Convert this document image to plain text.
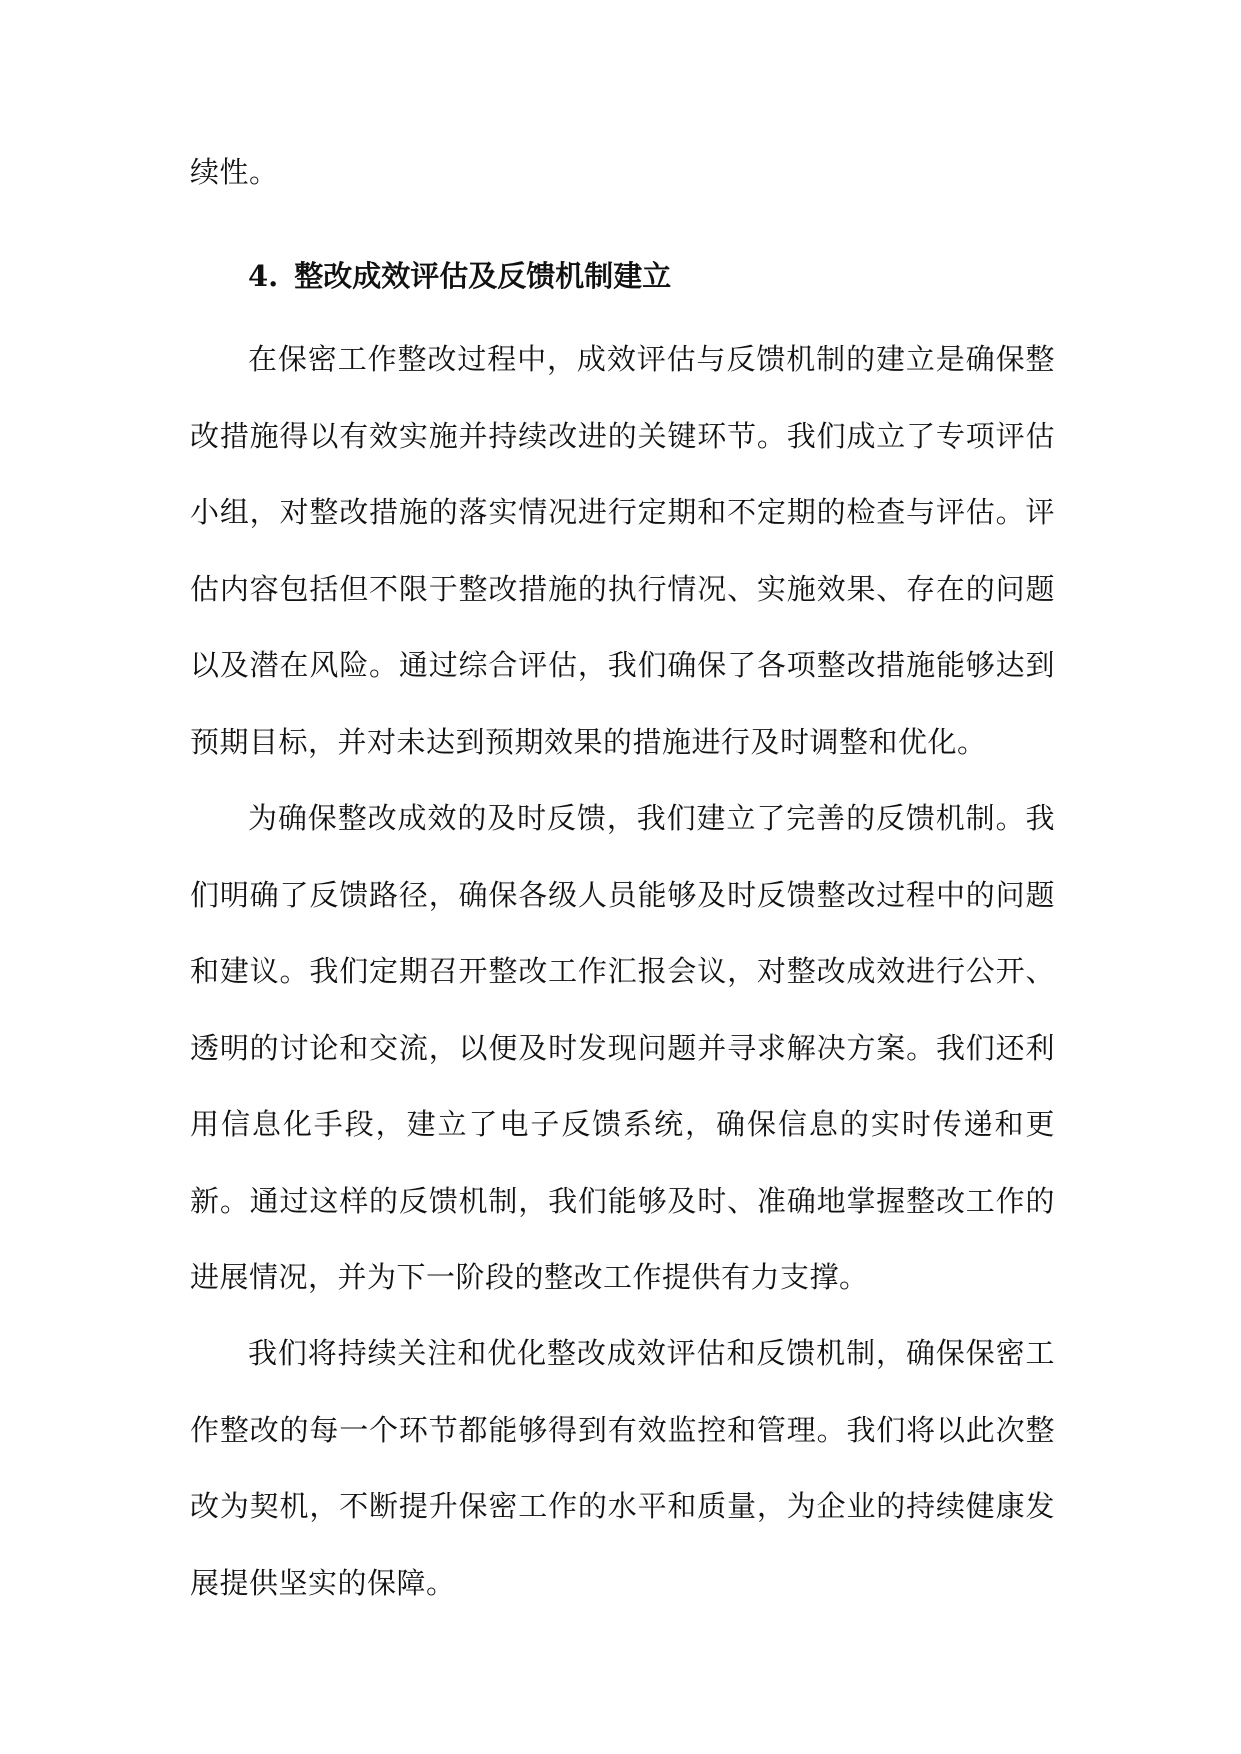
续性。

4. 整改成效评估及反馈机制建立

在保密工作整改过程中，成效评估与反馈机制的建立是确保整改措施得以有效实施并持续改进的关键环节。我们成立了专项评估小组，对整改措施的落实情况进行定期和不定期的检查与评估。评估内容包括但不限于整改措施的执行情况、实施效果、存在的问题以及潜在风险。通过综合评估，我们确保了各项整改措施能够达到预期目标，并对未达到预期效果的措施进行及时调整和优化。

为确保整改成效的及时反馈，我们建立了完善的反馈机制。我们明确了反馈路径，确保各级人员能够及时反馈整改过程中的问题和建议。我们定期召开整改工作汇报会议，对整改成效进行公开、透明的讨论和交流，以便及时发现问题并寻求解决方案。我们还利用信息化手段，建立了电子反馈系统，确保信息的实时传递和更新。通过这样的反馈机制，我们能够及时、准确地掌握整改工作的进展情况，并为下一阶段的整改工作提供有力支撑。

我们将持续关注和优化整改成效评估和反馈机制，确保保密工作整改的每一个环节都能够得到有效监控和管理。我们将以此次整改为契机，不断提升保密工作的水平和质量，为企业的持续健康发展提供坚实的保障。
